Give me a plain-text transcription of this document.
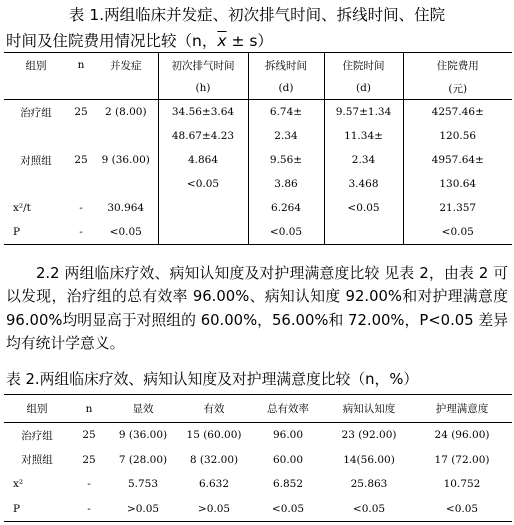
表 1.两组临床并发症、初次排气时间、拆线时间、住院
时间及住院费用情况比较（n，$\overline{x} \pm s$）
组别	n	并发症	初次排气时间	拆线时间	住院时间	住院费用
			(h)	(d)	(d)	(元)
治疗组	25	2 (8.00)	34.56±3.64	6.74±	9.57±1.34	4257.46±
			48.67±4.23	2.34	11.34±	120.56
对照组	25	9 (36.00)	4.864	9.56±	2.34	4957.64±
			<0.05	3.86	3.468	130.64
x²/t	-	30.964		6.264	<0.05	21.357
P	-	<0.05		<0.05		<0.05
2.2 两组临床疗效、病知认知度及对护理满意度比较 见表 2，由表 2 可以发现，治疗组的总有效率 96.00%、病知认知度 92.00%和对护理满意度 96.00%均明显高于对照组的 60.00%，56.00%和 72.00%，P<0.05 差异均有统计学意义。
表 2.两组临床疗效、病知认知度及对护理满意度比较（n，%）
组别	n	显效	有效	总有效率	病知认知度	护理满意度
治疗组	25	9 (36.00)	15 (60.00)	96.00	23 (92.00)	24 (96.00)
对照组	25	7 (28.00)	8 (32.00)	60.00	14(56.00)	17 (72.00)
x²	-	5.753	6.632	6.852	25.863	10.752
P	-	>0.05	>0.05	<0.05	<0.05	<0.05
